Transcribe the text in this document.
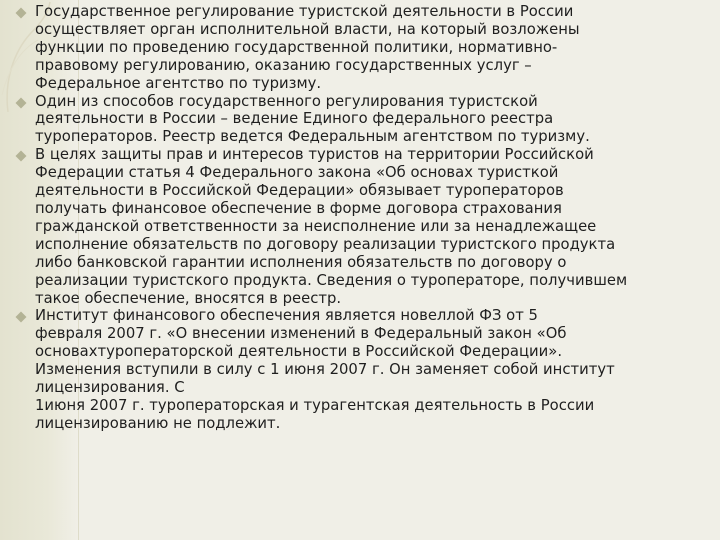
Государственное регулирование туристской деятельности в России
осуществляет орган исполнительной власти, на который возложены
функции по проведению государственной политики, нормативно-
правовому регулированию, оказанию государственных услуг –
Федеральное агентство по туризму.
Один из способов государственного регулирования туристской
деятельности в России – ведение Единого федерального реестра
туроператоров. Реестр ведется Федеральным агентством по туризму.
В целях защиты прав и интересов туристов на территории Российской
Федерации статья 4 Федерального закона «Об основах туристкой
деятельности в Российской Федерации» обязывает туроператоров
получать финансовое обеспечение в форме договора страхования
гражданской ответственности за неисполнение или за ненадлежащее
исполнение обязательств по договору реализации туристского продукта
либо банковской гарантии исполнения обязательств по договору о
реализации туристского продукта. Сведения о туроператоре, получившем
такое обеспечение, вносятся в реестр.
Институт финансового обеспечения является новеллой ФЗ от 5
февраля 2007 г. «О внесении изменений в Федеральный закон «Об
основахтуроператорской деятельности в Российской Федерации».
Изменения вступили в силу с 1 июня 2007 г. Он заменяет собой институт
лицензирования. С
1июня 2007 г. туроператорская и турагентская деятельность в России
лицензированию не подлежит.
